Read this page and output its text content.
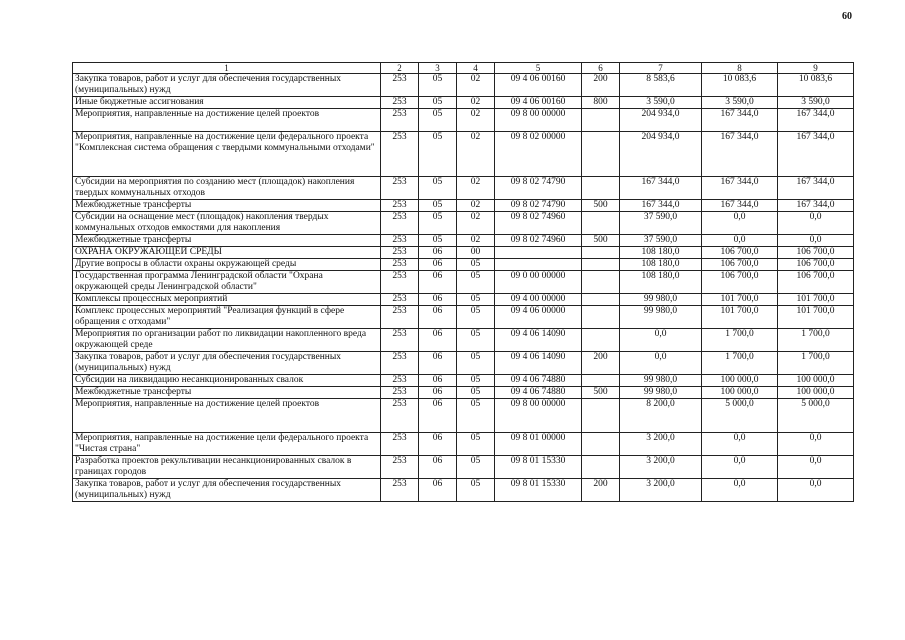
60
1	2	3	4	5	6	7	8	9
Закупка товаров, работ и услуг для обеспечения государственных (муниципальных) нужд	253	05	02	09 4 06 00160	200	8 583,6	10 083,6	10 083,6
Иные бюджетные ассигнования	253	05	02	09 4 06 00160	800	3 590,0	3 590,0	3 590,0
Мероприятия, направленные на достижение целей проектов	253	05	02	09 8 00 00000		204 934,0	167 344,0	167 344,0
Мероприятия, направленные на достижение цели федерального проекта "Комплексная система обращения с твердыми коммунальными отходами"	253	05	02	09 8 02 00000		204 934,0	167 344,0	167 344,0
Субсидии на мероприятия по созданию мест (площадок) накопления твердых коммунальных отходов	253	05	02	09 8 02 74790		167 344,0	167 344,0	167 344,0
Межбюджетные трансферты	253	05	02	09 8 02 74790	500	167 344,0	167 344,0	167 344,0
Субсидии на оснащение мест (площадок) накопления твердых коммунальных отходов емкостями для накопления	253	05	02	09 8 02 74960		37 590,0	0,0	0,0
Межбюджетные трансферты	253	05	02	09 8 02 74960	500	37 590,0	0,0	0,0
ОХРАНА ОКРУЖАЮЩЕЙ СРЕДЫ	253	06	00			108 180,0	106 700,0	106 700,0
Другие вопросы в области охраны окружающей среды	253	06	05			108 180,0	106 700,0	106 700,0
Государственная программа Ленинградской области "Охрана окружающей среды Ленинградской области"	253	06	05	09 0 00 00000		108 180,0	106 700,0	106 700,0
Комплексы процессных мероприятий	253	06	05	09 4 00 00000		99 980,0	101 700,0	101 700,0
Комплекс процессных мероприятий "Реализация функций в сфере обращения с отходами"	253	06	05	09 4 06 00000		99 980,0	101 700,0	101 700,0
Мероприятия по организации работ по ликвидации накопленного вреда окружающей среде	253	06	05	09 4 06 14090		0,0	1 700,0	1 700,0
Закупка товаров, работ и услуг для обеспечения государственных (муниципальных) нужд	253	06	05	09 4 06 14090	200	0,0	1 700,0	1 700,0
Субсидии на ликвидацию несанкционированных свалок	253	06	05	09 4 06 74880		99 980,0	100 000,0	100 000,0
Межбюджетные трансферты	253	06	05	09 4 06 74880	500	99 980,0	100 000,0	100 000,0
Мероприятия, направленные на достижение целей проектов	253	06	05	09 8 00 00000		8 200,0	5 000,0	5 000,0
Мероприятия, направленные на достижение цели федерального проекта "Чистая страна"	253	06	05	09 8 01 00000		3 200,0	0,0	0,0
Разработка проектов рекультивации несанкционированных свалок в границах городов	253	06	05	09 8 01 15330		3 200,0	0,0	0,0
Закупка товаров, работ и услуг для обеспечения государственных (муниципальных) нужд	253	06	05	09 8 01 15330	200	3 200,0	0,0	0,0
